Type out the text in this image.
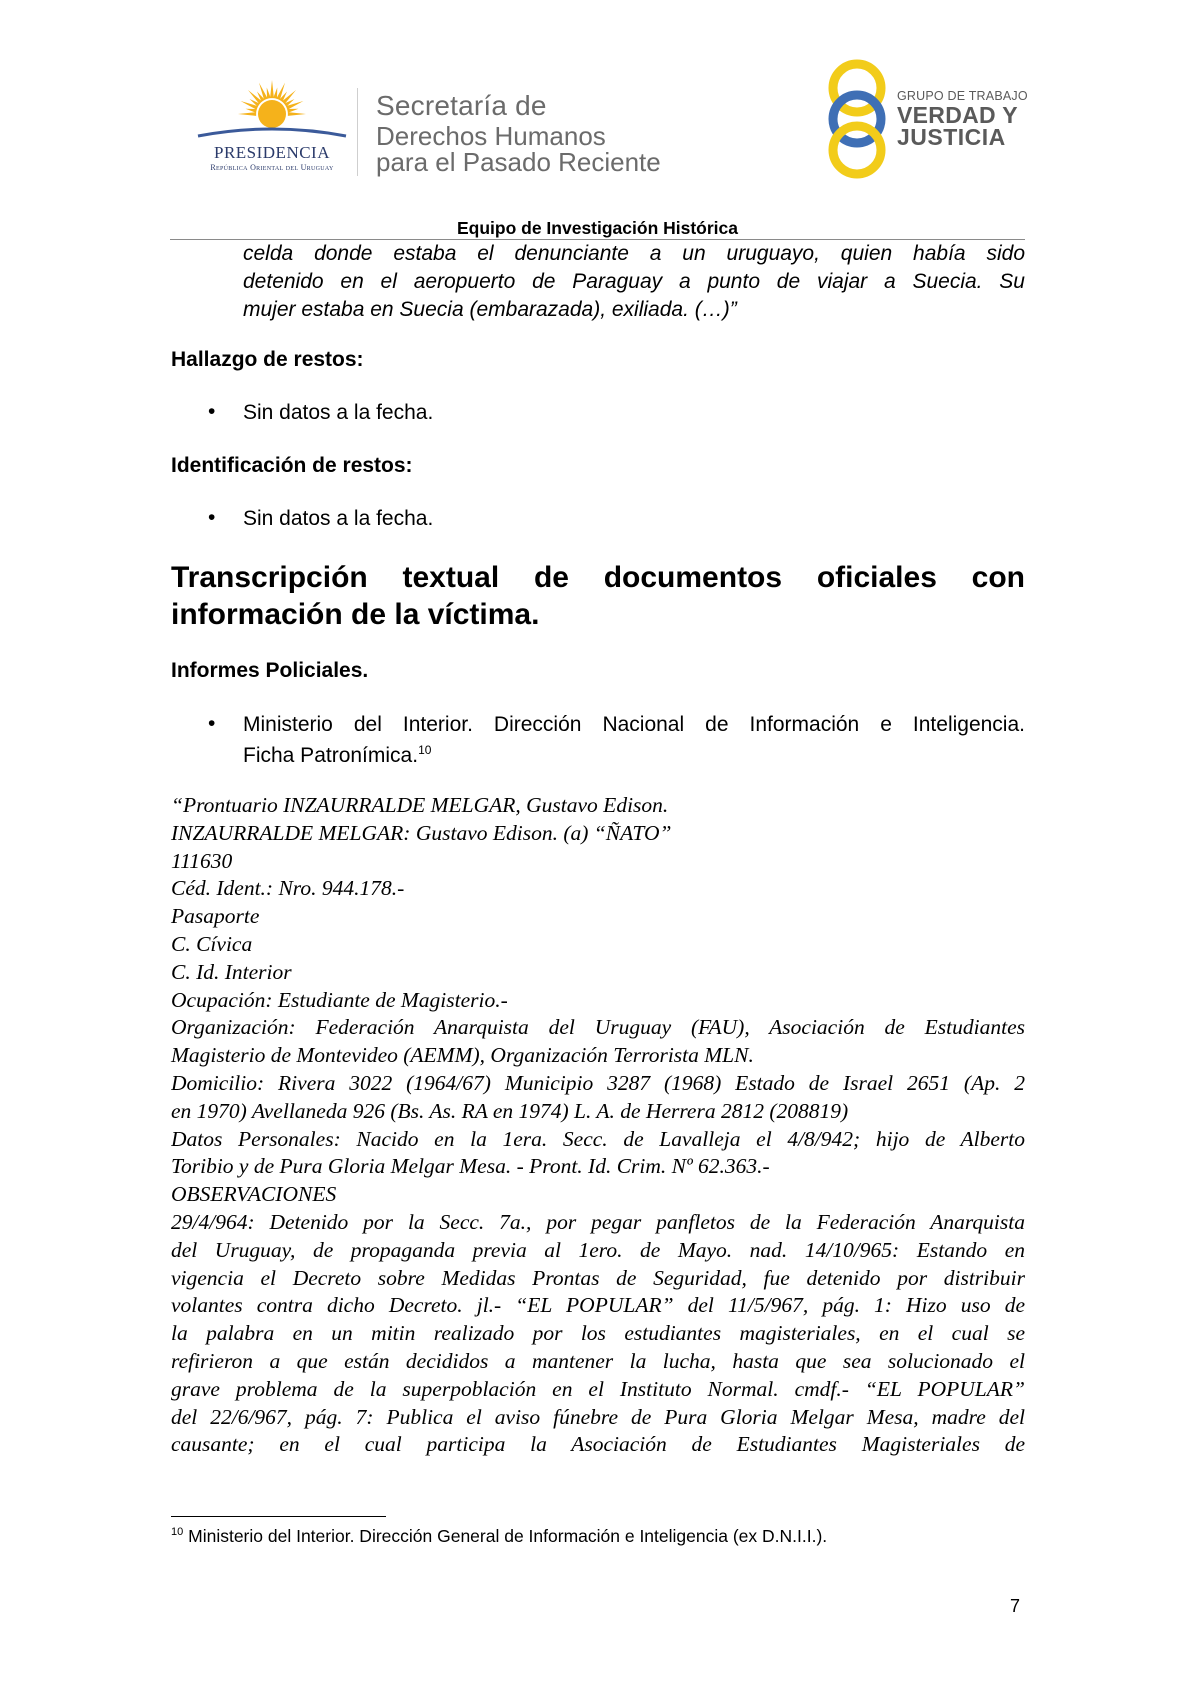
PRESIDENCIA
República Oriental del Uruguay
Secretaría de
Derechos Humanos
para el Pasado Reciente
GRUPO DE TRABAJO
VERDAD Y
JUSTICIA
Equipo de Investigación Histórica
celda donde estaba el denunciante a un uruguayo, quien había sido
detenido en el aeropuerto de Paraguay a punto de viajar a Suecia. Su
mujer estaba en Suecia (embarazada), exiliada. (…)”
Hallazgo de restos:
• Sin datos a la fecha.
Identificación de restos:
• Sin datos a la fecha.
Transcripción textual de documentos oficiales con
información de la víctima.
Informes Policiales.
• Ministerio del Interior. Dirección Nacional de Información e Inteligencia.
Ficha Patronímica.$^{10}$
“Prontuario INZAURRALDE MELGAR, Gustavo Edison.
INZAURRALDE MELGAR: Gustavo Edison. (a) “ÑATO”
111630
Céd. Ident.: Nro. 944.178.-
Pasaporte
C. Cívica
C. Id. Interior
Ocupación: Estudiante de Magisterio.-
Organización: Federación Anarquista del Uruguay (FAU), Asociación de Estudiantes
Magisterio de Montevideo (AEMM), Organización Terrorista MLN.
Domicilio: Rivera 3022 (1964/67) Municipio 3287 (1968) Estado de Israel 2651 (Ap. 2
en 1970) Avellaneda 926 (Bs. As. RA en 1974) L. A. de Herrera 2812 (208819)
Datos Personales: Nacido en la 1era. Secc. de Lavalleja el 4/8/942; hijo de Alberto
Toribio y de Pura Gloria Melgar Mesa. - Pront. Id. Crim. Nº 62.363.-
OBSERVACIONES
29/4/964: Detenido por la Secc. 7a., por pegar panfletos de la Federación Anarquista
del Uruguay, de propaganda previa al 1ero. de Mayo. nad. 14/10/965: Estando en
vigencia el Decreto sobre Medidas Prontas de Seguridad, fue detenido por distribuir
volantes contra dicho Decreto. jl.- “EL POPULAR” del 11/5/967, pág. 1: Hizo uso de
la palabra en un mitin realizado por los estudiantes magisteriales, en el cual se
refirieron a que están decididos a mantener la lucha, hasta que sea solucionado el
grave problema de la superpoblación en el Instituto Normal. cmdf.- “EL POPULAR”
del 22/6/967, pág. 7: Publica el aviso fúnebre de Pura Gloria Melgar Mesa, madre del
causante; en el cual participa la Asociación de Estudiantes Magisteriales de
$^{10}$ Ministerio del Interior. Dirección General de Información e Inteligencia (ex D.N.I.I.).
7
